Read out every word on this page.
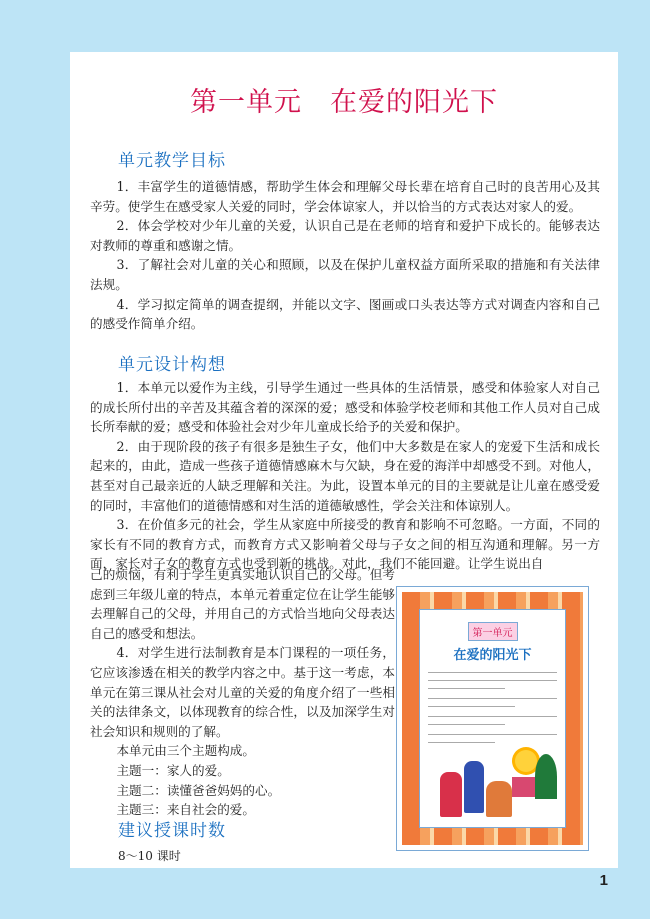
第一单元　在爱的阳光下
单元教学目标

1．丰富学生的道德情感，帮助学生体会和理解父母长辈在培育自己时的良苦用心及其辛劳。使学生在感受家人关爱的同时，学会体谅家人，并以恰当的方式表达对家人的爱。

2．体会学校对少年儿童的关爱，认识自己是在老师的培育和爱护下成长的。能够表达对教师的尊重和感谢之情。

3．了解社会对儿童的关心和照顾，以及在保护儿童权益方面所采取的措施和有关法律法规。

4．学习拟定简单的调查提纲，并能以文字、图画或口头表达等方式对调查内容和自己的感受作简单介绍。

单元设计构想

1．本单元以爱作为主线，引导学生通过一些具体的生活情景，感受和体验家人对自己的成长所付出的辛苦及其蕴含着的深深的爱；感受和体验学校老师和其他工作人员对自己成长所奉献的爱；感受和体验社会对少年儿童成长给予的关爱和保护。

2．由于现阶段的孩子有很多是独生子女，他们中大多数是在家人的宠爱下生活和成长起来的，由此，造成一些孩子道德情感麻木与欠缺，身在爱的海洋中却感受不到。对他人，甚至对自己最亲近的人缺乏理解和关注。为此，设置本单元的目的主要就是让儿童在感受爱的同时，丰富他们的道德情感和对生活的道德敏感性，学会关注和体谅别人。

3．在价值多元的社会，学生从家庭中所接受的教育和影响不可忽略。一方面，不同的家长有不同的教育方式，而教育方式又影响着父母与子女之间的相互沟通和理解。另一方面，家长对子女的教育方式也受到新的挑战。对此，我们不能回避。让学生说出自

己的烦恼，有利于学生更真实地认识自己的父母。但考虑到三年级儿童的特点，本单元着重定位在让学生能够去理解自己的父母，并用自己的方式恰当地向父母表达自己的感受和想法。

4．对学生进行法制教育是本门课程的一项任务，它应该渗透在相关的教学内容之中。基于这一考虑，本单元在第三课从社会对儿童的关爱的角度介绍了一些相关的法律条文，以体现教育的综合性，以及加深学生对社会知识和规则的了解。

本单元由三个主题构成。

主题一：家人的爱。

主题二：读懂爸爸妈妈的心。

主题三：来自社会的爱。

建议授课时数
8～10 课时
第一单元
在爱的阳光下
1
